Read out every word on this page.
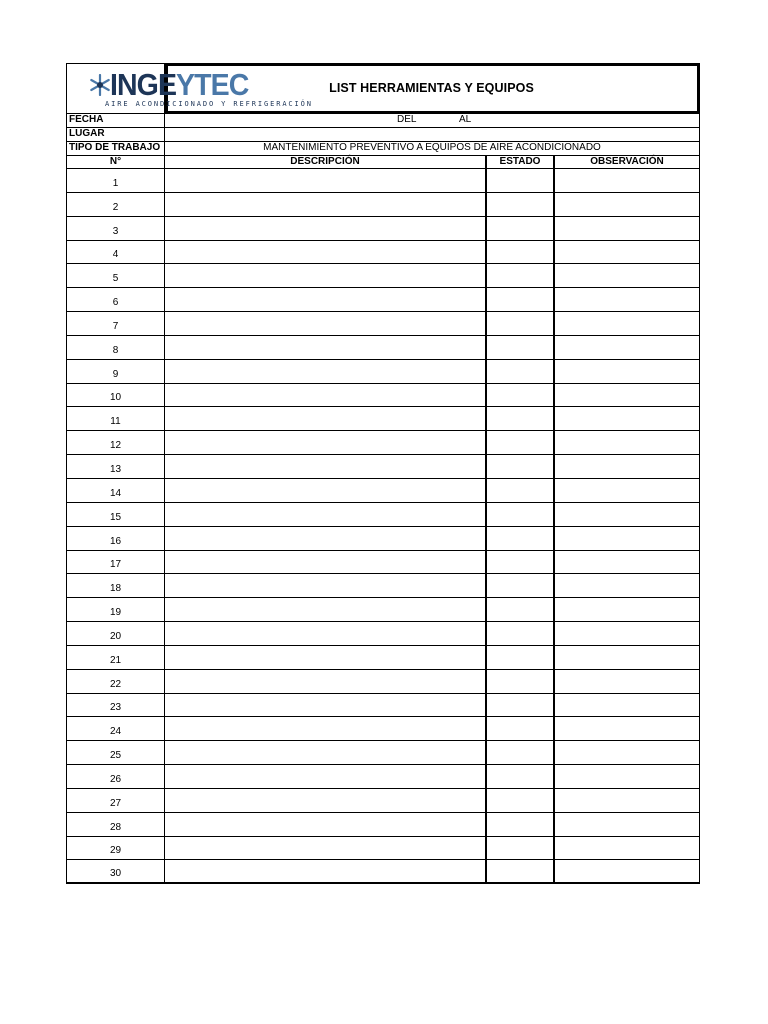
LIST HERRAMIENTAS Y EQUIPOS
INGEYTEC
AIRE ACONDICIONADO Y REFRIGERACIÓN
FECHA	DEL	AL
LUGAR
TIPO DE TRABAJO	MANTENIMIENTO PREVENTIVO A EQUIPOS DE AIRE ACONDICIONADO
N°	DESCRIPCIÓN	ESTADO	OBSERVACIÓN
1
2
3
4
5
6
7
8
9
10
11
12
13
14
15
16
17
18
19
20
21
22
23
24
25
26
27
28
29
30
